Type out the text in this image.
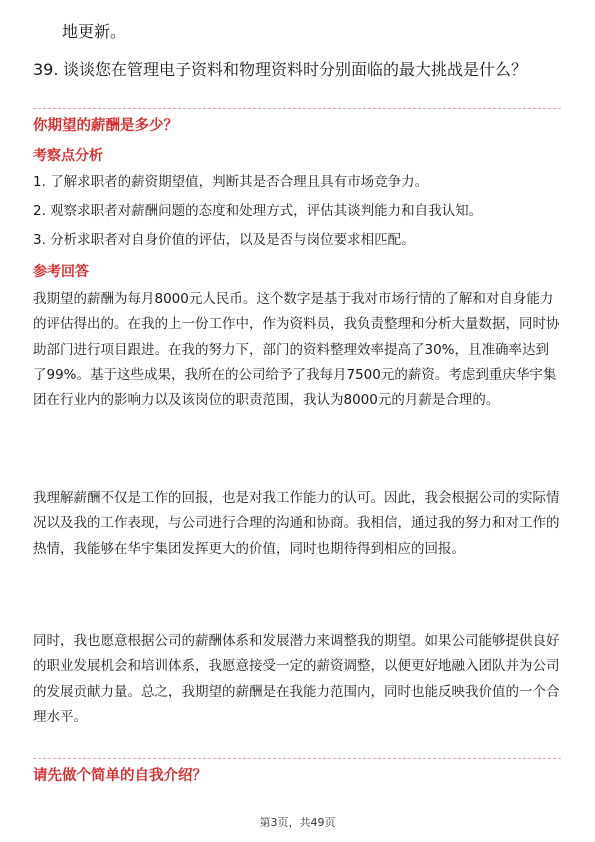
地更新。
39. 谈谈您在管理电子资料和物理资料时分别面临的最大挑战是什么？
你期望的薪酬是多少？
考察点分析
1. 了解求职者的薪资期望值，判断其是否合理且具有市场竞争力。
2. 观察求职者对薪酬问题的态度和处理方式，评估其谈判能力和自我认知。
3. 分析求职者对自身价值的评估，以及是否与岗位要求相匹配。
参考回答
我期望的薪酬为每月8000元人民币。这个数字是基于我对市场行情的了解和对自身能力的评估得出的。在我的上一份工作中，作为资料员，我负责整理和分析大量数据，同时协助部门进行项目跟进。在我的努力下，部门的资料整理效率提高了30%，且准确率达到了99%。基于这些成果，我所在的公司给予了我每月7500元的薪资。考虑到重庆华宇集团在行业内的影响力以及该岗位的职责范围，我认为8000元的月薪是合理的。
我理解薪酬不仅是工作的回报，也是对我工作能力的认可。因此，我会根据公司的实际情况以及我的工作表现，与公司进行合理的沟通和协商。我相信，通过我的努力和对工作的热情，我能够在华宇集团发挥更大的价值，同时也期待得到相应的回报。
同时，我也愿意根据公司的薪酬体系和发展潜力来调整我的期望。如果公司能够提供良好的职业发展机会和培训体系，我愿意接受一定的薪资调整，以便更好地融入团队并为公司的发展贡献力量。总之，我期望的薪酬是在我能力范围内，同时也能反映我价值的一个合理水平。
请先做个简单的自我介绍？
第3页，共49页
